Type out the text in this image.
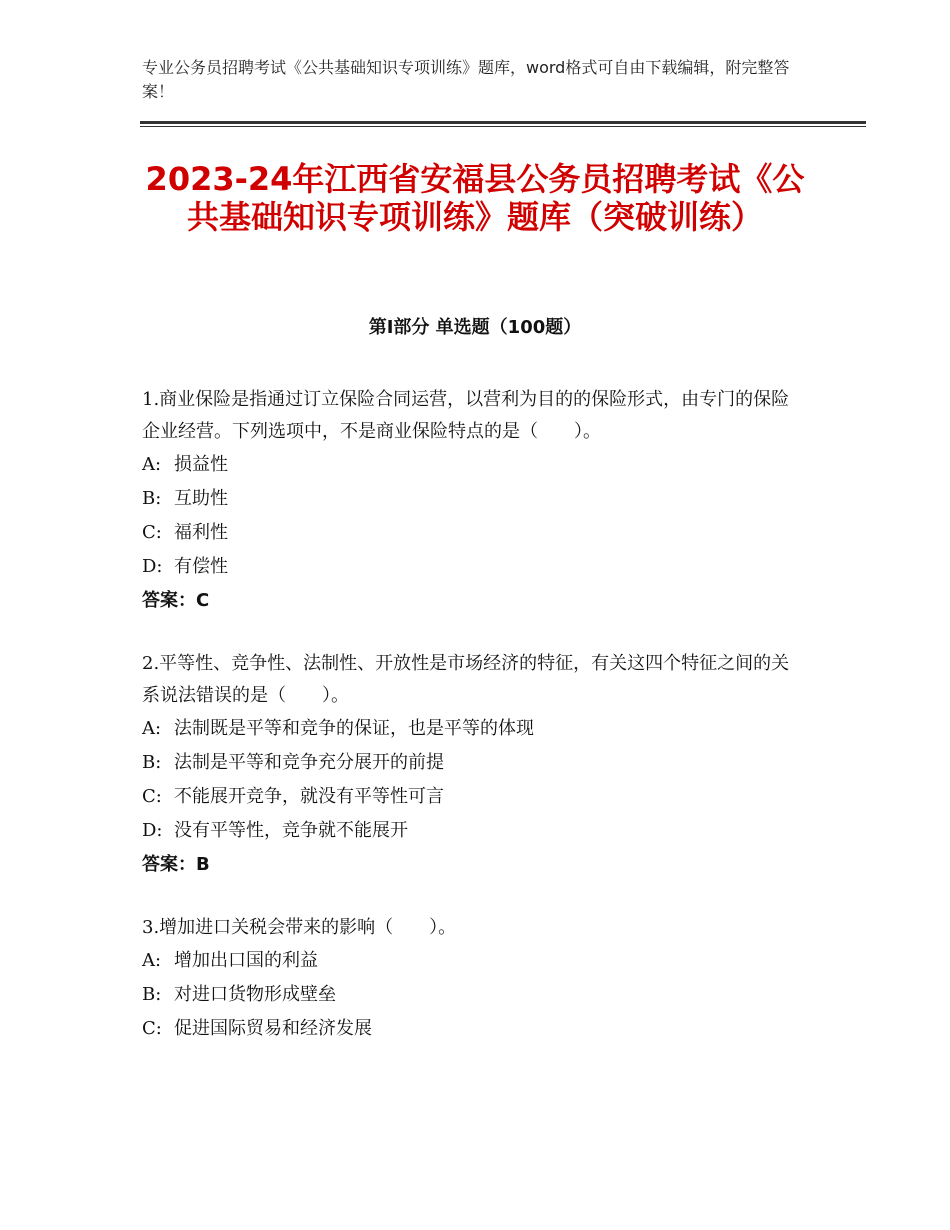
专业公务员招聘考试《公共基础知识专项训练》题库，word格式可自由下载编辑，附完整答案！
2023-24年江西省安福县公务员招聘考试《公共基础知识专项训练》题库（突破训练）
第Ⅰ部分 单选题（100题）

1.商业保险是指通过订立保险合同运营，以营利为目的的保险形式，由专门的保险企业经营。下列选项中，不是商业保险特点的是（　　）。

A: 损益性

B: 互助性

C: 福利性

D: 有偿性

答案：C

2.平等性、竞争性、法制性、开放性是市场经济的特征，有关这四个特征之间的关系说法错误的是（　　）。

A: 法制既是平等和竞争的保证，也是平等的体现

B: 法制是平等和竞争充分展开的前提

C: 不能展开竞争，就没有平等性可言

D: 没有平等性，竞争就不能展开

答案：B

3.增加进口关税会带来的影响（　　）。

A: 增加出口国的利益

B: 对进口货物形成壁垒

C: 促进国际贸易和经济发展
